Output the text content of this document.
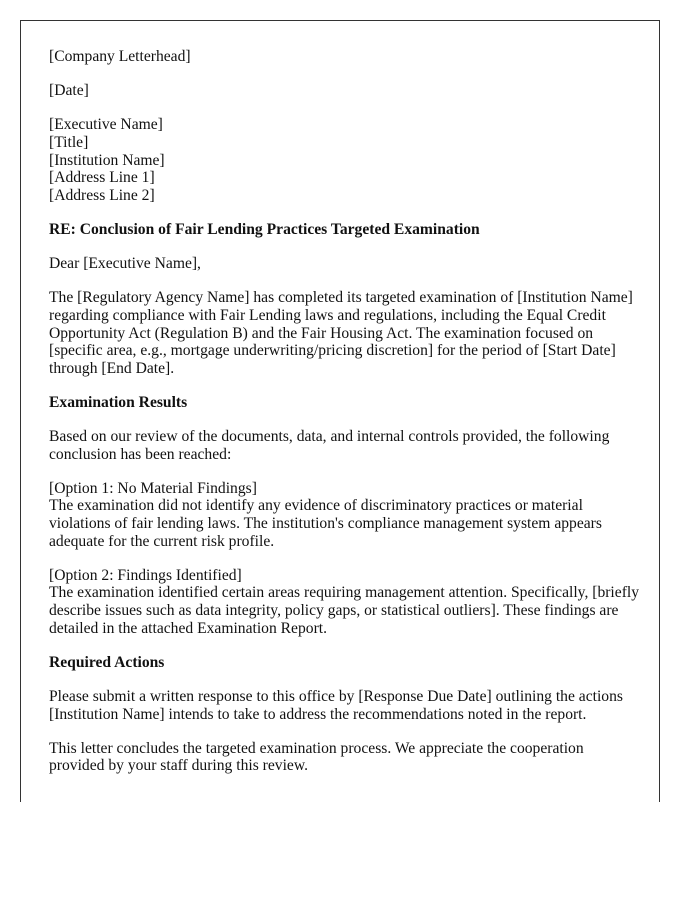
[Company Letterhead]

[Date]

[Executive Name]
[Title]
[Institution Name]
[Address Line 1]
[Address Line 2]

RE: Conclusion of Fair Lending Practices Targeted Examination

Dear [Executive Name],

The [Regulatory Agency Name] has completed its targeted examination of [Institution Name] regarding compliance with Fair Lending laws and regulations, including the Equal Credit Opportunity Act (Regulation B) and the Fair Housing Act. The examination focused on [specific area, e.g., mortgage underwriting/pricing discretion] for the period of [Start Date] through [End Date].

Examination Results

Based on our review of the documents, data, and internal controls provided, the following conclusion has been reached:

[Option 1: No Material Findings]
The examination did not identify any evidence of discriminatory practices or material violations of fair lending laws. The institution's compliance management system appears adequate for the current risk profile.

[Option 2: Findings Identified]
The examination identified certain areas requiring management attention. Specifically, [briefly describe issues such as data integrity, policy gaps, or statistical outliers]. These findings are detailed in the attached Examination Report.

Required Actions

Please submit a written response to this office by [Response Due Date] outlining the actions [Institution Name] intends to take to address the recommendations noted in the report.

This letter concludes the targeted examination process. We appreciate the cooperation provided by your staff during this review.
